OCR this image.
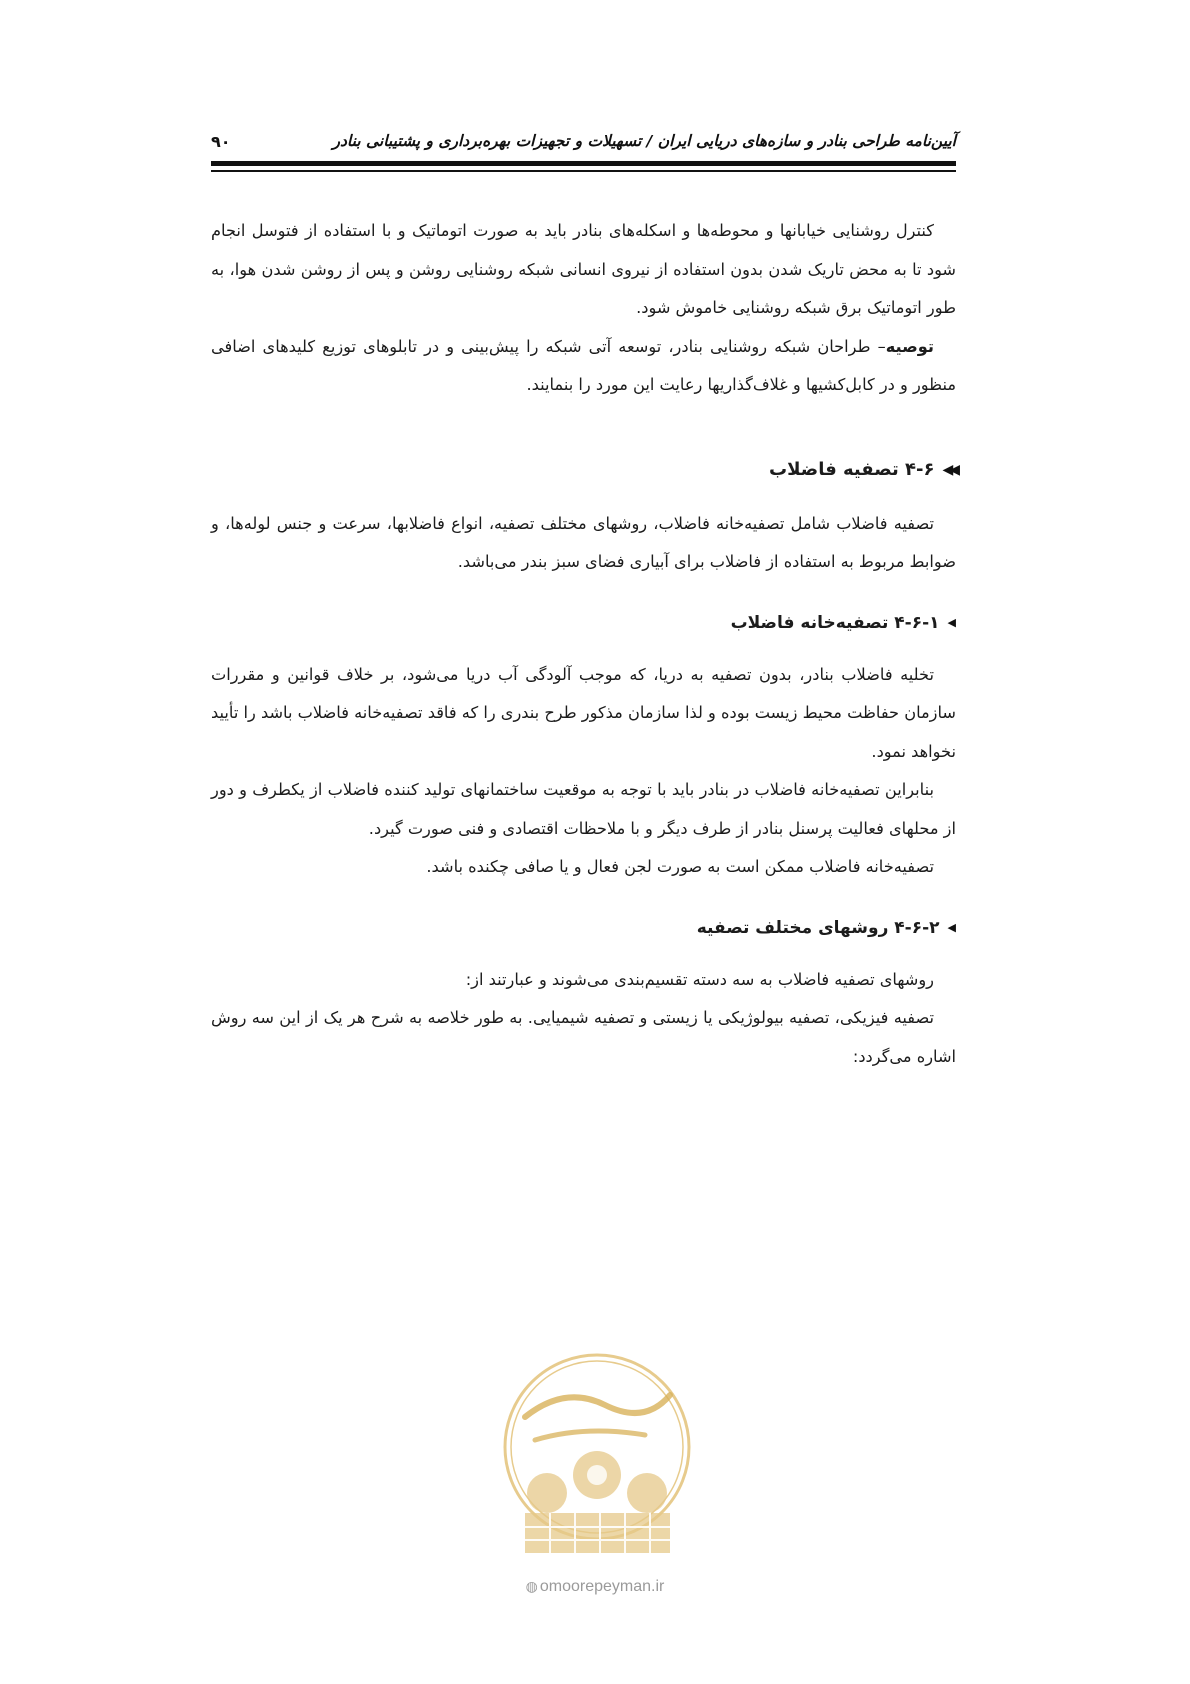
آیین‌نامه طراحی بنادر و سازه‌های دریایی ایران / تسهیلات و تجهیزات بهره‌برداری و پشتیبانی بنادر
۹۰

کنترل روشنایی خیابانها و محوطه‌ها و اسکله‌های بنادر باید به صورت اتوماتیک و با استفاده از فتوسل انجام شود تا به محض تاریک شدن بدون استفاده از نیروی انسانی شبکه روشنایی روشن و پس از روشن شدن هوا، به طور اتوماتیک برق شبکه روشنایی خاموش شود.

توصیه– طراحان شبکه روشنایی بنادر، توسعه آتی شبکه را پیش‌بینی و در تابلوهای توزیع کلیدهای اضافی منظور و در کابل‌کشیها و غلاف‌گذاریها رعایت این مورد را بنمایند.

◀◀
۴-۶ تصفیه فاضلاب

تصفیه فاضلاب شامل تصفیه‌خانه فاضلاب، روشهای مختلف تصفیه، انواع فاضلابها، سرعت و جنس لوله‌ها، و ضوابط مربوط به استفاده از فاضلاب برای آبیاری فضای سبز بندر می‌باشد.

◀
۴-۶-۱ تصفیه‌خانه فاضلاب

تخلیه فاضلاب بنادر، بدون تصفیه به دریا، که موجب آلودگی آب دریا می‌شود، بر خلاف قوانین و مقررات سازمان حفاظت محیط زیست بوده و لذا سازمان مذکور طرح بندری را که فاقد تصفیه‌خانه فاضلاب باشد را تأیید نخواهد نمود.

بنابراین تصفیه‌خانه فاضلاب در بنادر باید با توجه به موقعیت ساختمانهای تولید کننده فاضلاب از یکطرف و دور از محلهای فعالیت پرسنل بنادر از طرف دیگر و با ملاحظات اقتصادی و فنی صورت گیرد.

تصفیه‌خانه فاضلاب ممکن است به صورت لجن فعال و یا صافی چکنده باشد.

◀
۴-۶-۲ روشهای مختلف تصفیه

روشهای تصفیه فاضلاب به سه دسته تقسیم‌بندی می‌شوند و عبارتند از:

تصفیه فیزیکی، تصفیه بیولوژیکی یا زیستی و تصفیه شیمیایی. به طور خلاصه به شرح هر یک از این سه روش اشاره می‌گردد:

◍ omoorepeyman.ir
